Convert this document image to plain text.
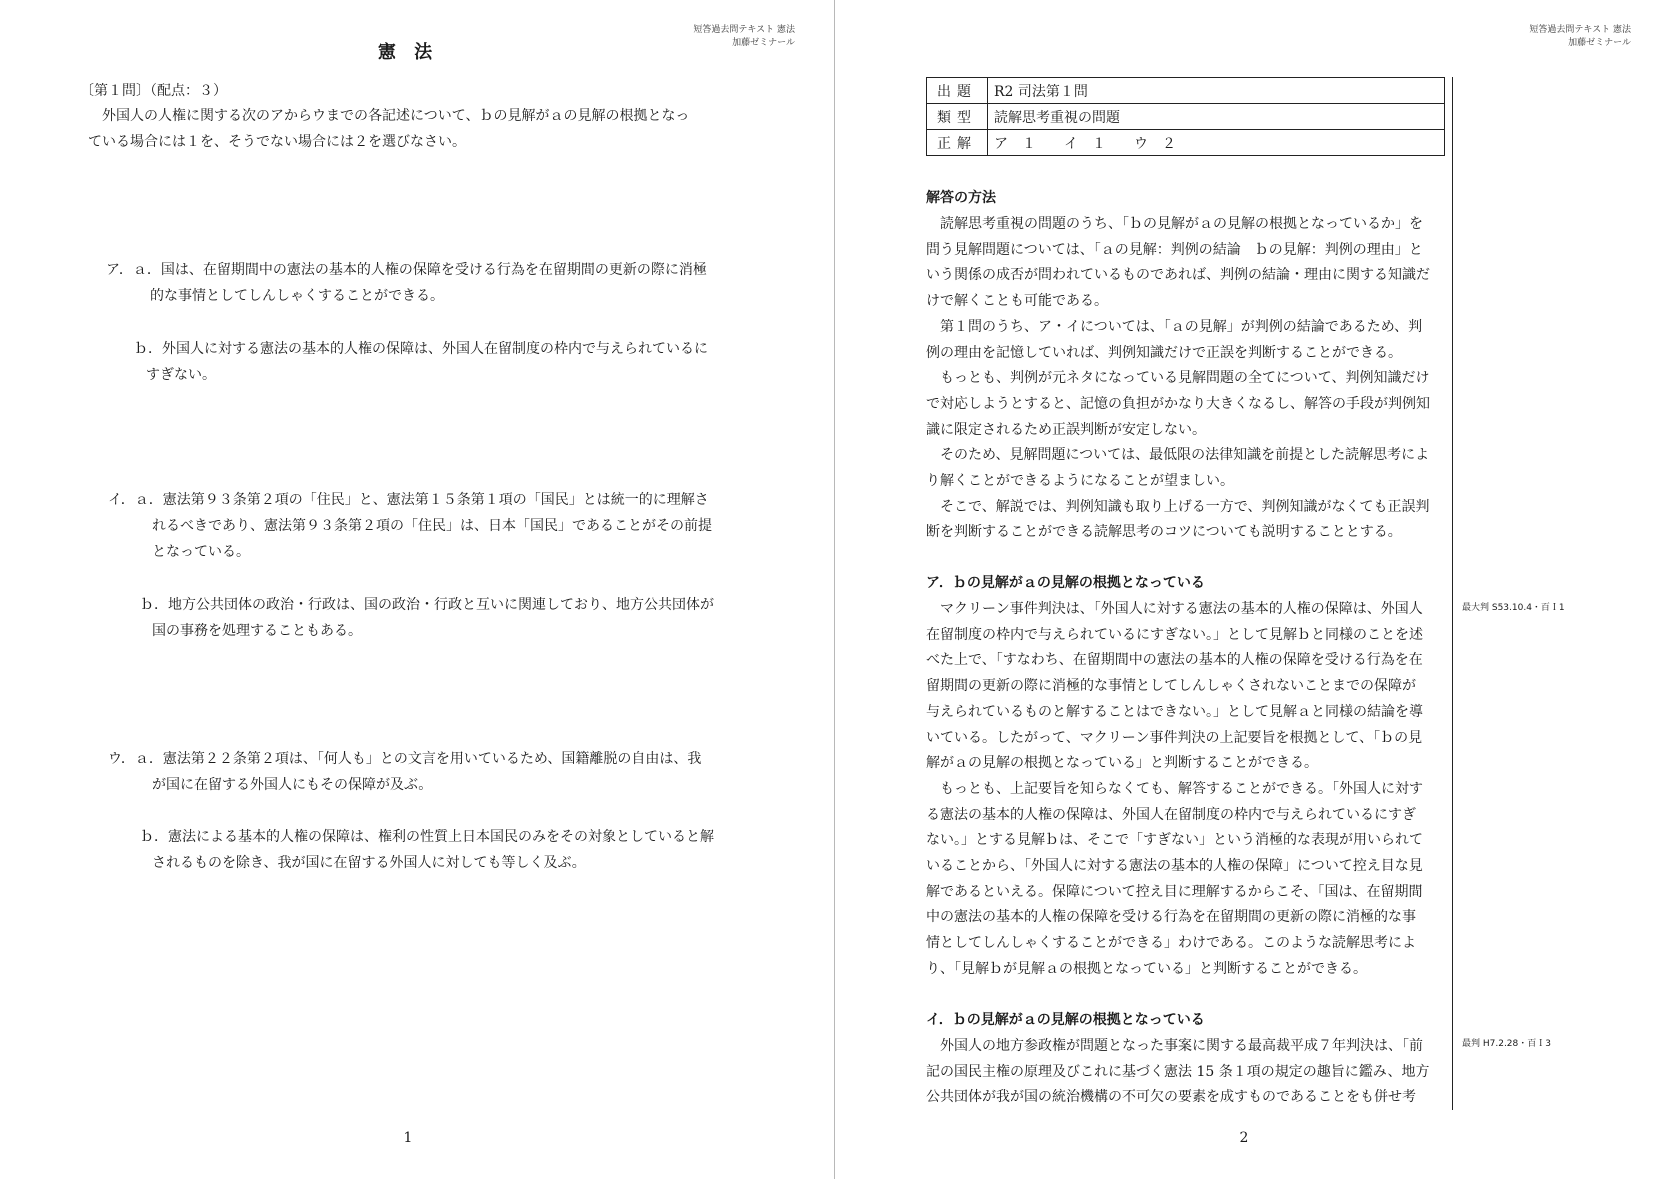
短答過去問テキスト 憲法
加藤ゼミナール
憲 法
〔第１問〕（配点：３）
　外国人の人権に関する次のアからウまでの各記述について、ｂの見解がａの見解の根拠となっ
ている場合には１を、そうでない場合には２を選びなさい。
ア．ａ．国は、在留期間中の憲法の基本的人権の保障を受ける行為を在留期間の更新の際に消極
的な事情としてしんしゃくすることができる。
ｂ．外国人に対する憲法の基本的人権の保障は、外国人在留制度の枠内で与えられているに
すぎない。
イ．ａ．憲法第９３条第２項の「住民」と、憲法第１５条第１項の「国民」とは統一的に理解さ
れるべきであり、憲法第９３条第２項の「住民」は、日本「国民」であることがその前提
となっている。
ｂ．地方公共団体の政治・行政は、国の政治・行政と互いに関連しており、地方公共団体が
国の事務を処理することもある。
ウ．ａ．憲法第２２条第２項は、「何人も」との文言を用いているため、国籍離脱の自由は、我
が国に在留する外国人にもその保障が及ぶ。
ｂ．憲法による基本的人権の保障は、権利の性質上日本国民のみをその対象としていると解
されるものを除き、我が国に在留する外国人に対しても等しく及ぶ。
1
短答過去問テキスト 憲法
加藤ゼミナール
出題	R2 司法第１問
類型	読解思考重視の問題
正解	ア　１　　イ　１　　ウ　２
解答の方法
　読解思考重視の問題のうち、「ｂの見解がａの見解の根拠となっているか」を
問う見解問題については、「ａの見解：判例の結論　ｂの見解：判例の理由」と
いう関係の成否が問われているものであれば、判例の結論・理由に関する知識だ
けで解くことも可能である。
　第１問のうち、ア・イについては、「ａの見解」が判例の結論であるため、判
例の理由を記憶していれば、判例知識だけで正誤を判断することができる。
　もっとも、判例が元ネタになっている見解問題の全てについて、判例知識だけ
で対応しようとすると、記憶の負担がかなり大きくなるし、解答の手段が判例知
識に限定されるため正誤判断が安定しない。
　そのため、見解問題については、最低限の法律知識を前提とした読解思考によ
り解くことができるようになることが望ましい。
　そこで、解説では、判例知識も取り上げる一方で、判例知識がなくても正誤判
断を判断することができる読解思考のコツについても説明することとする。
ア．ｂの見解がａの見解の根拠となっている
　マクリーン事件判決は、「外国人に対する憲法の基本的人権の保障は、外国人
在留制度の枠内で与えられているにすぎない。」として見解ｂと同様のことを述
べた上で、「すなわち、在留期間中の憲法の基本的人権の保障を受ける行為を在
留期間の更新の際に消極的な事情としてしんしゃくされないことまでの保障が
与えられているものと解することはできない。」として見解ａと同様の結論を導
いている。したがって、マクリーン事件判決の上記要旨を根拠として、「ｂの見
解がａの見解の根拠となっている」と判断することができる。
　もっとも、上記要旨を知らなくても、解答することができる。「外国人に対す
る憲法の基本的人権の保障は、外国人在留制度の枠内で与えられているにすぎ
ない。」とする見解ｂは、そこで「すぎない」という消極的な表現が用いられて
いることから、「外国人に対する憲法の基本的人権の保障」について控え目な見
解であるといえる。保障について控え目に理解するからこそ、「国は、在留期間
中の憲法の基本的人権の保障を受ける行為を在留期間の更新の際に消極的な事
情としてしんしゃくすることができる」わけである。このような読解思考によ
り、「見解ｂが見解ａの根拠となっている」と判断することができる。
最大判 S53.10.4・百Ｉ1
イ．ｂの見解がａの見解の根拠となっている
　外国人の地方参政権が問題となった事案に関する最高裁平成７年判決は、「前
記の国民主権の原理及びこれに基づく憲法 15 条１項の規定の趣旨に鑑み、地方
公共団体が我が国の統治機構の不可欠の要素を成すものであることをも併せ考
最判 H7.2.28・百Ｉ3
2
